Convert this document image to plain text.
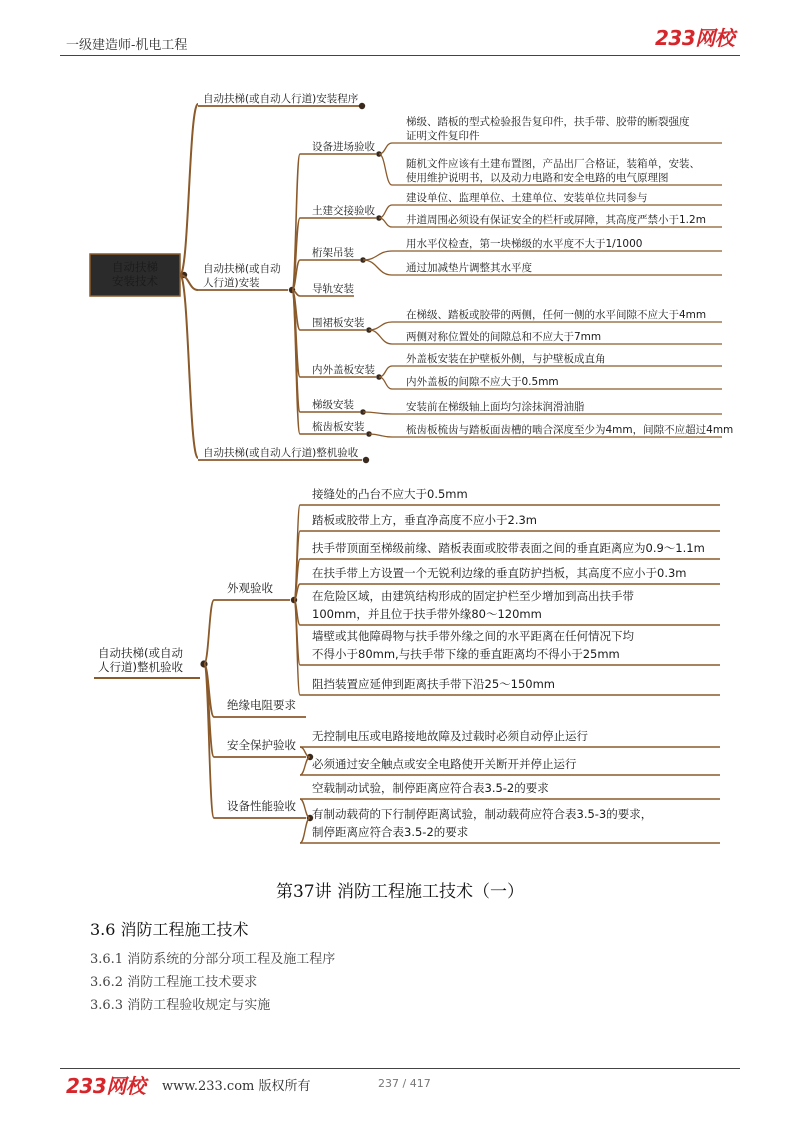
一级建造师-机电工程	233网校
自动扶梯安装技术
自动扶梯(或自动人行道)安装程序
自动扶梯(或自动人行道)安装
自动扶梯(或自动人行道)整机验收
设备进场验收
梯级、踏板的型式检验报告复印件，扶手带、胶带的断裂强度证明文件复印件
随机文件应该有土建布置图，产品出厂合格证，装箱单，安装、使用维护说明书，以及动力电路和安全电路的电气原理图
土建交接验收
建设单位、监理单位、土建单位、安装单位共同参与
井道周围必须设有保证安全的栏杆或屏障，其高度严禁小于1.2m
桁架吊装
用水平仪检查，第一块梯级的水平度不大于1/1000
通过加减垫片调整其水平度
导轨安装
围裙板安装
在梯级、踏板或胶带的两侧，任何一侧的水平间隙不应大于4mm
两侧对称位置处的间隙总和不应大于7mm
内外盖板安装
外盖板安装在护壁板外侧，与护壁板成直角
内外盖板的间隙不应大于0.5mm
梯级安装	安装前在梯级轴上面均匀涂抹润滑油脂
梳齿板安装	梳齿板梳齿与踏板面齿槽的啮合深度至少为4mm，间隙不应超过4mm
自动扶梯(或自动人行道)整机验收
外观验收
接缝处的凸台不应大于0.5mm
踏板或胶带上方，垂直净高度不应小于2.3m
扶手带顶面至梯级前缘、踏板表面或胶带表面之间的垂直距离应为0.9～1.1m
在扶手带上方设置一个无锐利边缘的垂直防护挡板，其高度不应小于0.3m
在危险区域，由建筑结构形成的固定护栏至少增加到高出扶手带 100mm，并且位于扶手带外缘80～120mm
墙壁或其他障碍物与扶手带外缘之间的水平距离在任何情况下均不得小于80mm,与扶手带下缘的垂直距离均不得小于25mm
阻挡装置应延伸到距离扶手带下沿25～150mm
绝缘电阻要求
安全保护验收
无控制电压或电路接地故障及过载时必须自动停止运行
必须通过安全触点或安全电路使开关断开并停止运行
设备性能验收
空载制动试验，制停距离应符合表3.5-2的要求
有制动载荷的下行制停距离试验，制动载荷应符合表3.5-3的要求，制停距离应符合表3.5-2的要求
第37讲 消防工程施工技术（一）
3.6 消防工程施工技术
3.6.1 消防系统的分部分项工程及施工程序
3.6.2 消防工程施工技术要求
3.6.3 消防工程验收规定与实施
233网校 www.233.com 版权所有	237 / 417
